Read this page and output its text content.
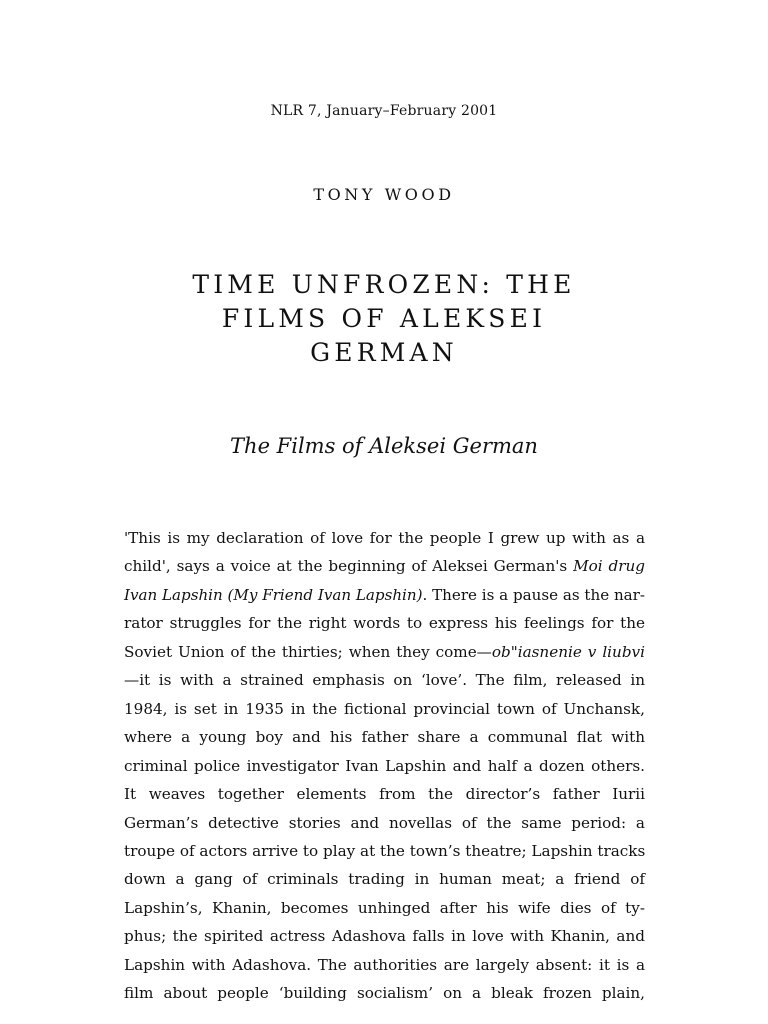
NLR 7, January–February 2001
TONY WOOD
TIME UNFROZEN: THE
FILMS OF ALEKSEI
GERMAN
The Films of Aleksei German
'This is my declaration of love for the people I grew up with as a
child', says a voice at the beginning of Aleksei German's Moi drug
Ivan Lapshin (My Friend Ivan Lapshin). There is a pause as the nar-
rator struggles for the right words to express his feelings for the
Soviet Union of the thirties; when they come—ob"iasnenie v liubvi
—it is with a strained emphasis on ‘love’. The film, released in
1984, is set in 1935 in the fictional provincial town of Unchansk,
where a young boy and his father share a communal flat with
criminal police investigator Ivan Lapshin and half a dozen others.
It weaves together elements from the director’s father Iurii
German’s detective stories and novellas of the same period: a
troupe of actors arrive to play at the town’s theatre; Lapshin tracks
down a gang of criminals trading in human meat; a friend of
Lapshin’s, Khanin, becomes unhinged after his wife dies of ty-
phus; the spirited actress Adashova falls in love with Khanin, and
Lapshin with Adashova. The authorities are largely absent: it is a
film about people ‘building socialism’ on a bleak frozen plain,
